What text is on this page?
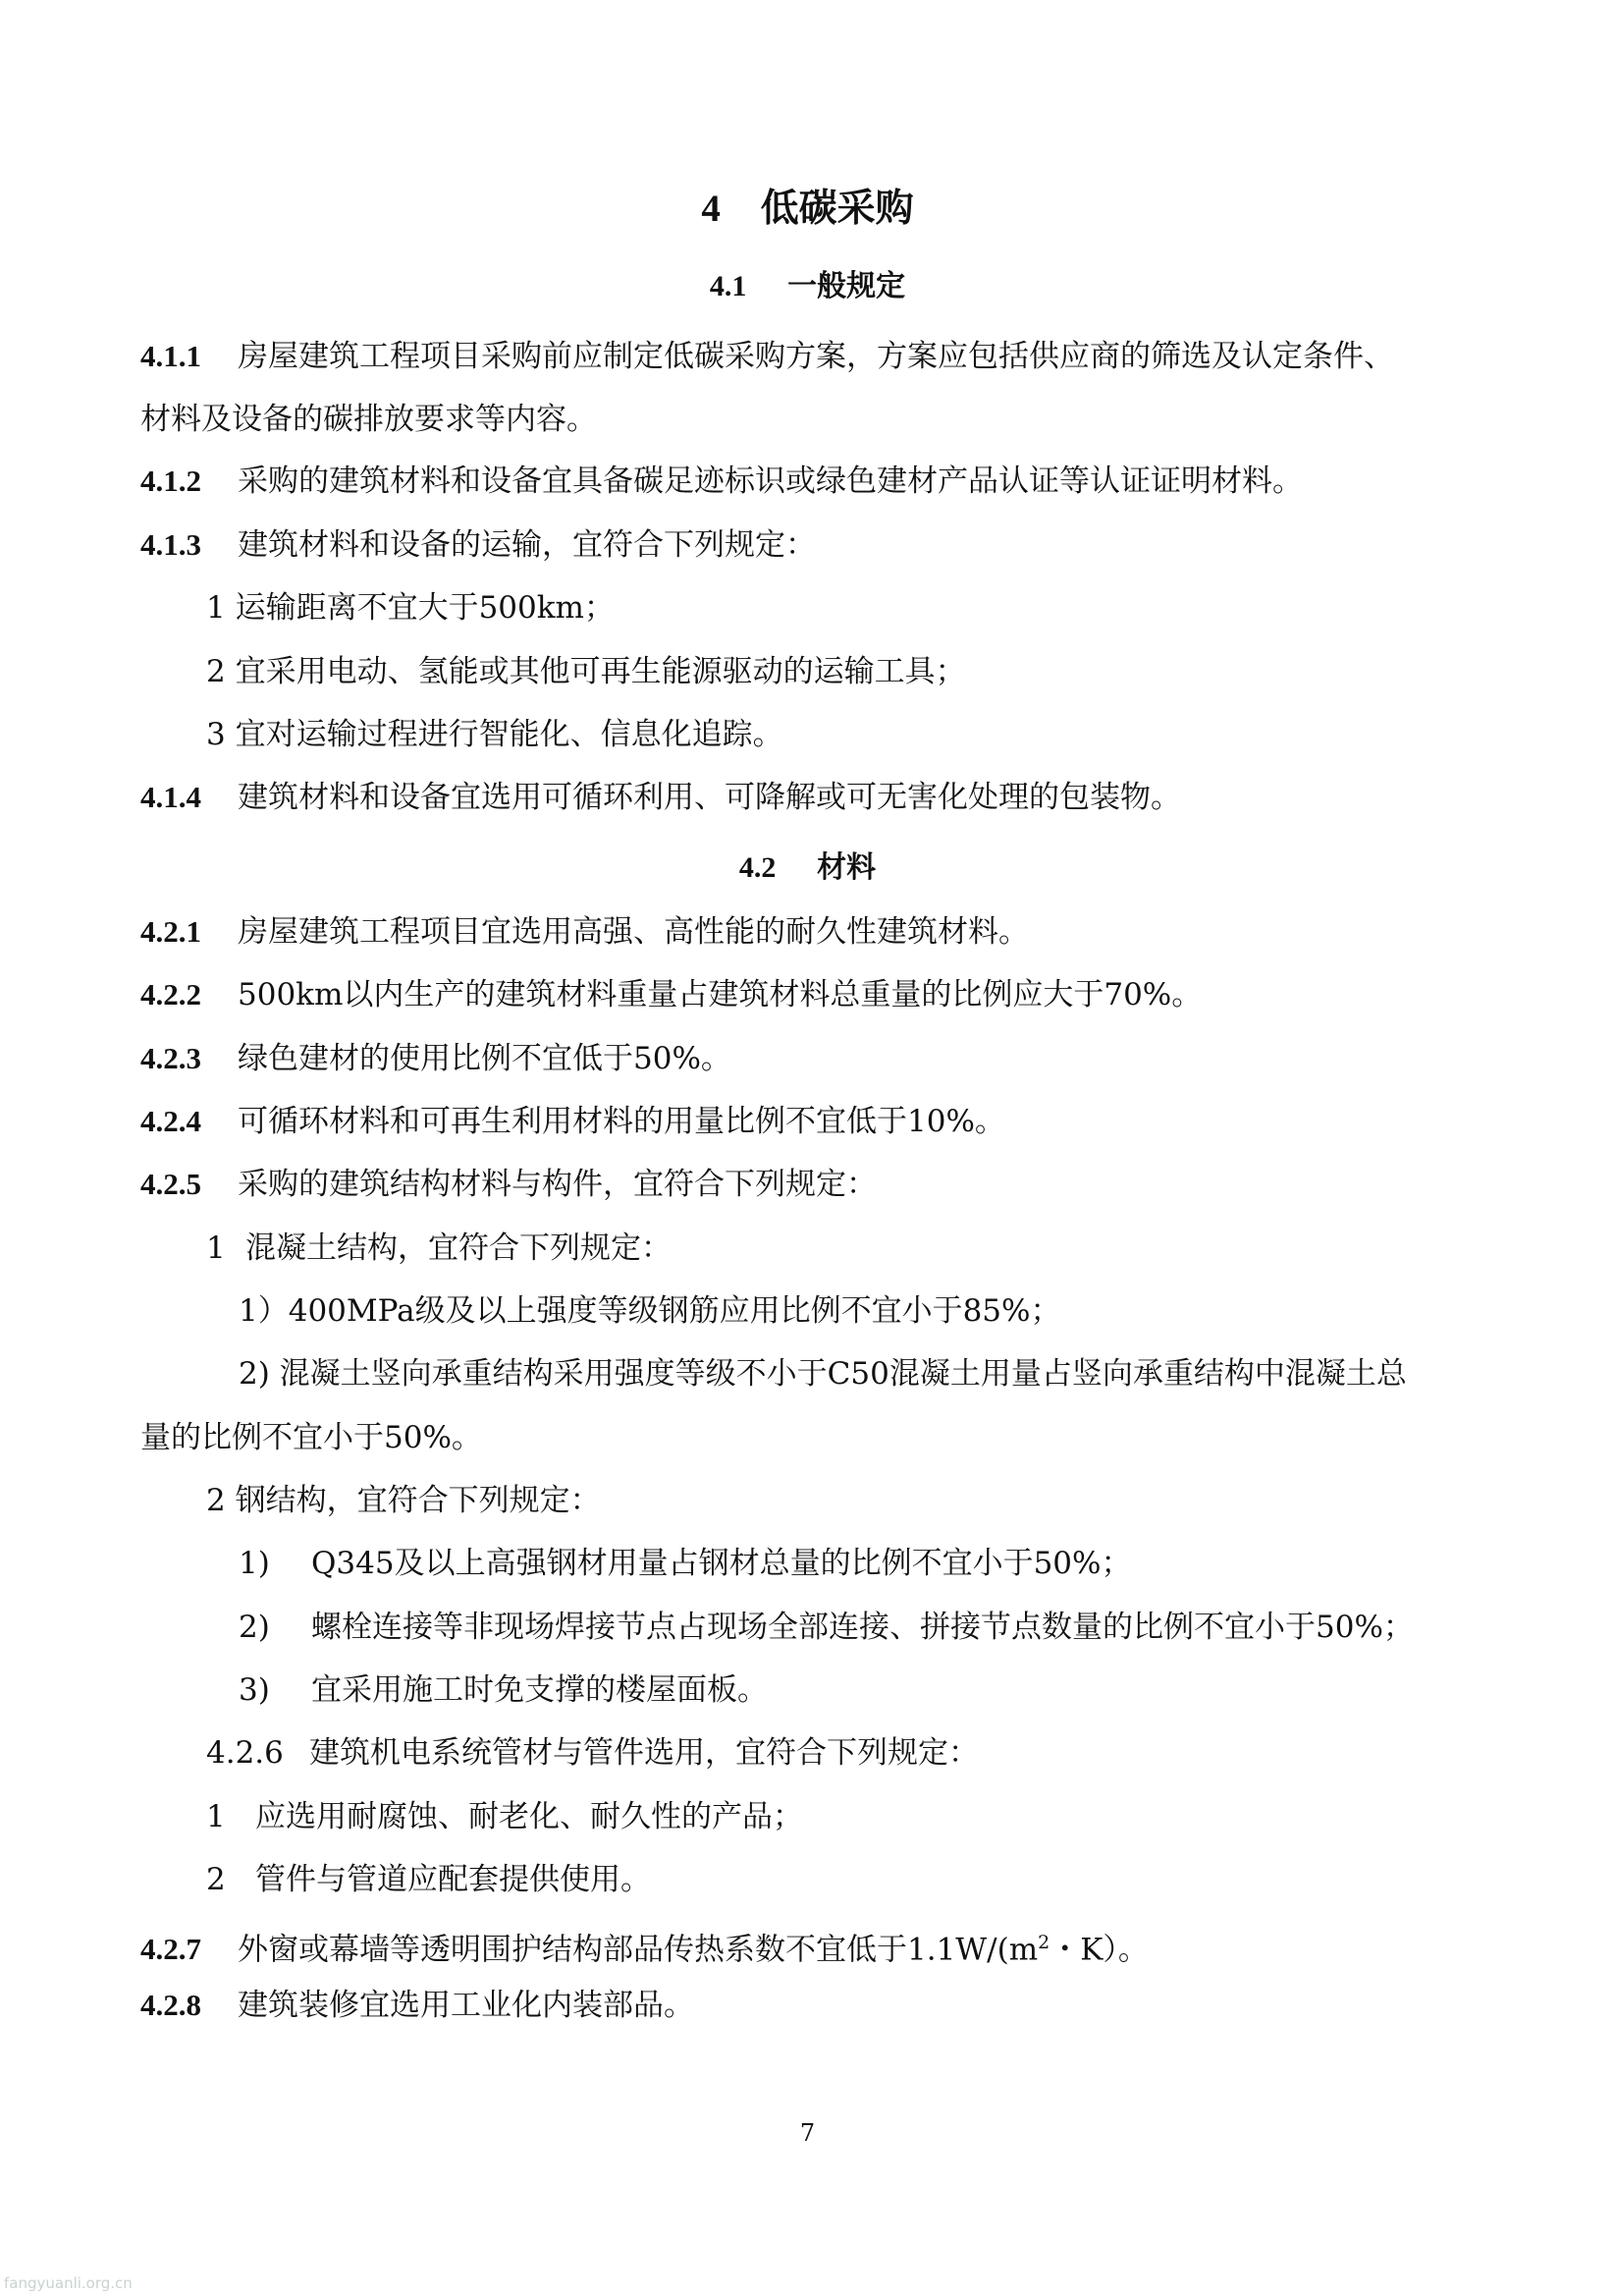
4 低碳采购
4.1 一般规定
4.1.1 房屋建筑工程项目采购前应制定低碳采购方案，方案应包括供应商的筛选及认定条件、
材料及设备的碳排放要求等内容。
4.1.2 采购的建筑材料和设备宜具备碳足迹标识或绿色建材产品认证等认证证明材料。
4.1.3 建筑材料和设备的运输，宜符合下列规定：
1 运输距离不宜大于500km；
2 宜采用电动、氢能或其他可再生能源驱动的运输工具；
3 宜对运输过程进行智能化、信息化追踪。
4.1.4 建筑材料和设备宜选用可循环利用、可降解或可无害化处理的包装物。
4.2 材料
4.2.1 房屋建筑工程项目宜选用高强、高性能的耐久性建筑材料。
4.2.2 500km以内生产的建筑材料重量占建筑材料总重量的比例应大于70%。
4.2.3 绿色建材的使用比例不宜低于50%。
4.2.4 可循环材料和可再生利用材料的用量比例不宜低于10%。
4.2.5 采购的建筑结构材料与构件，宜符合下列规定：
1 混凝土结构，宜符合下列规定：
1）400MPa级及以上强度等级钢筋应用比例不宜小于85%；
2) 混凝土竖向承重结构采用强度等级不小于C50混凝土用量占竖向承重结构中混凝土总
量的比例不宜小于50%。
2 钢结构，宜符合下列规定：
1) Q345及以上高强钢材用量占钢材总量的比例不宜小于50%；
2) 螺栓连接等非现场焊接节点占现场全部连接、拼接节点数量的比例不宜小于50%；
3) 宜采用施工时免支撑的楼屋面板。
4.2.6 建筑机电系统管材与管件选用，宜符合下列规定：
1 应选用耐腐蚀、耐老化、耐久性的产品；
2 管件与管道应配套提供使用。
4.2.7 外窗或幕墙等透明围护结构部品传热系数不宜低于$1.1W/(m^2$・K）。
4.2.8 建筑装修宜选用工业化内装部品。
7
fangyuanli.org.cn
